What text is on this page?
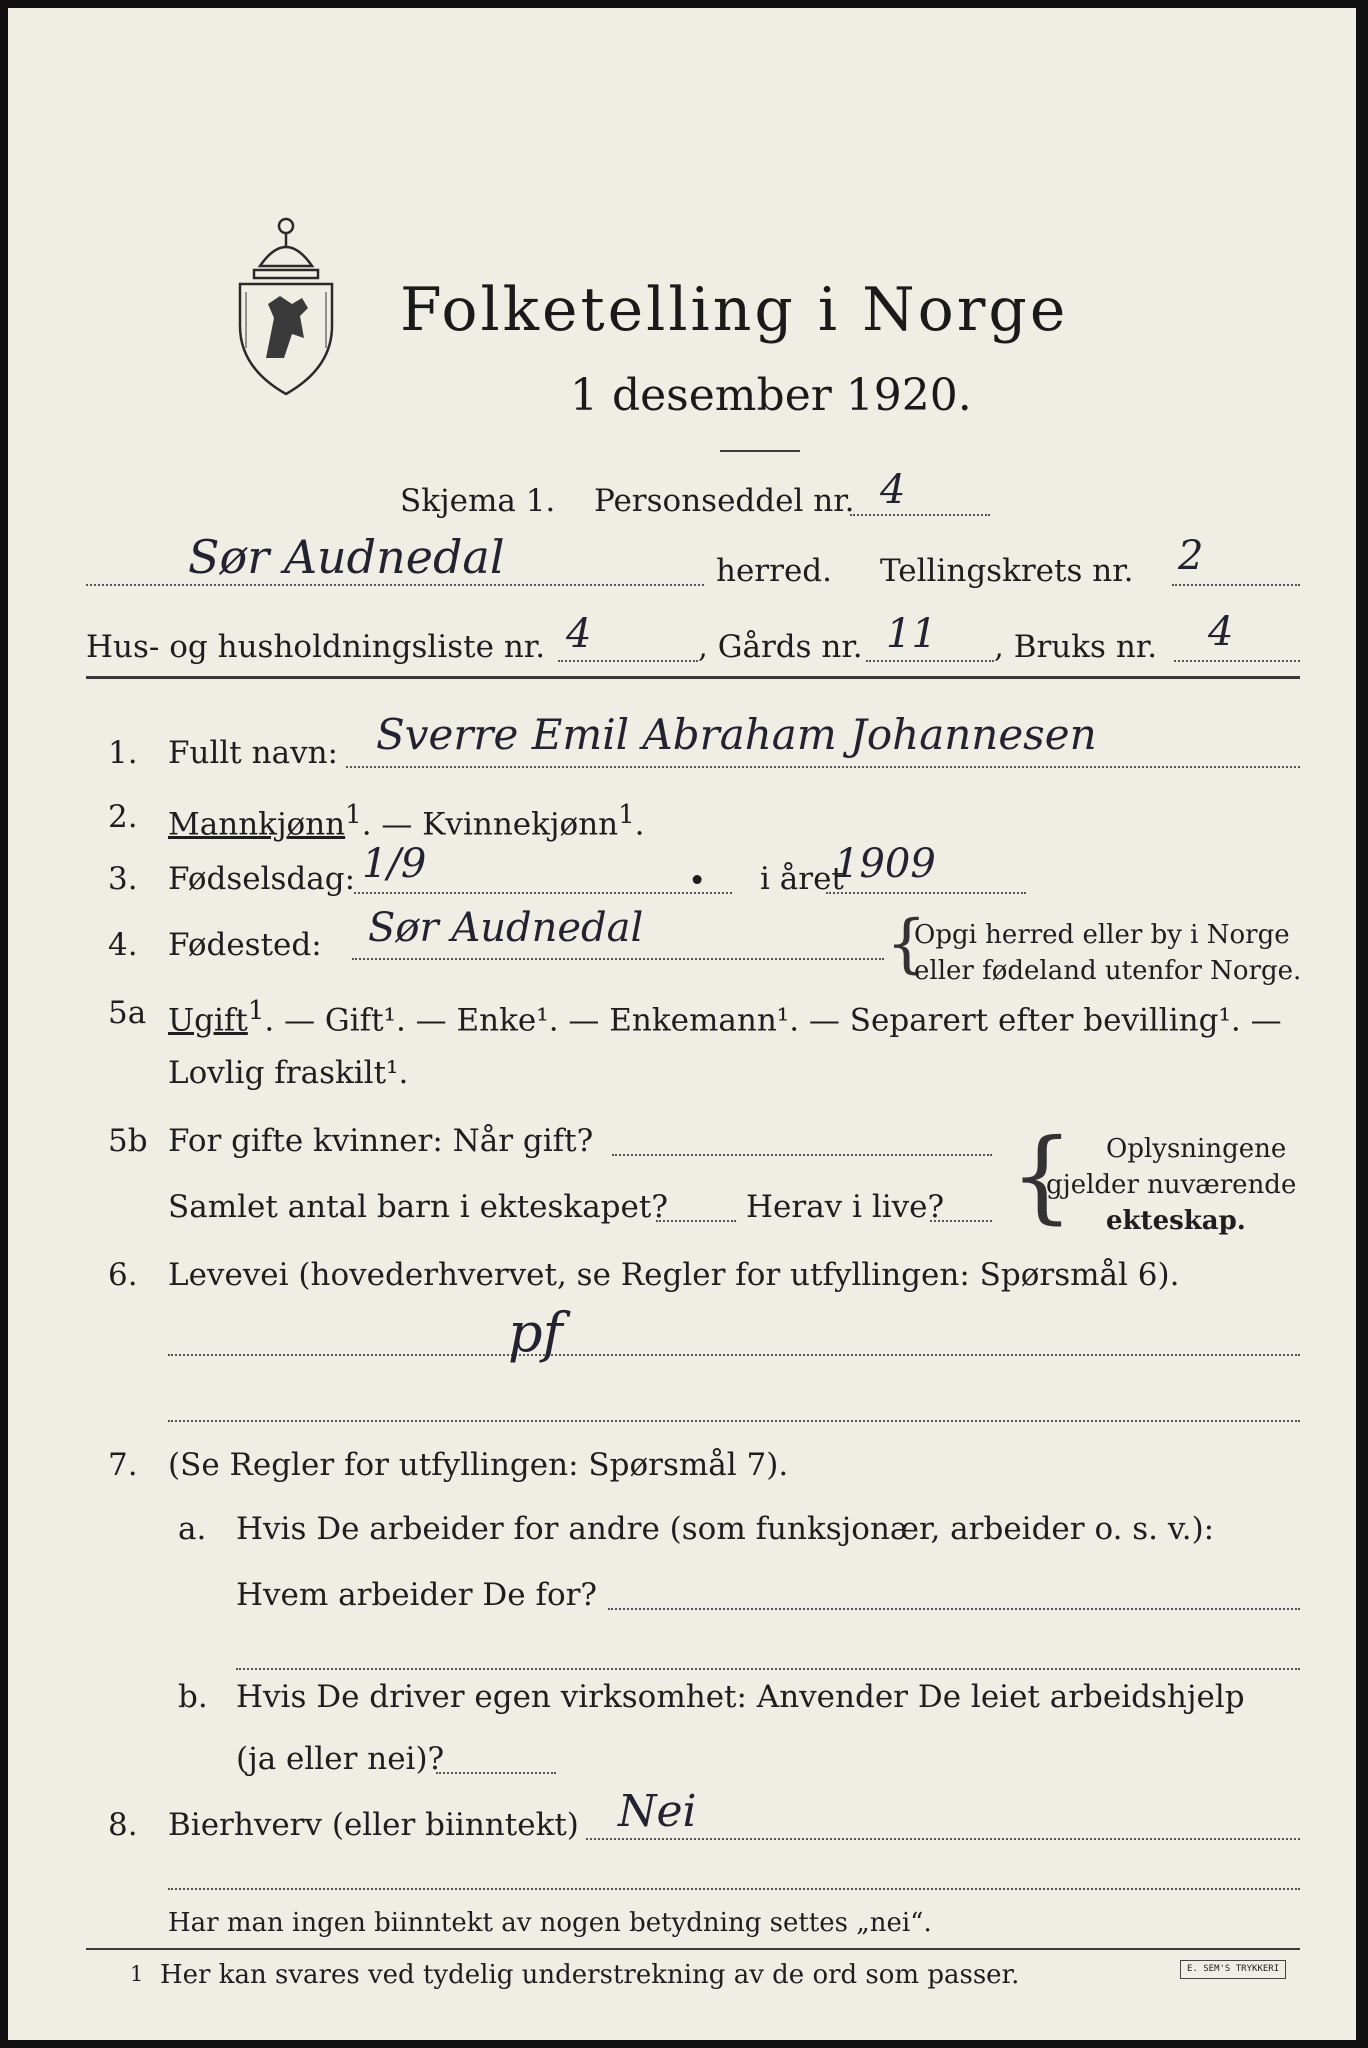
Folketelling i Norge
1 desember 1920.
Skjema 1. Personseddel nr. 4
Sør Audnedal	herred. Tellingskrets nr. 2
Hus- og husholdningsliste nr. 4	, Gårds nr. 11 , Bruks nr. 4
1. Fullt navn: Sverre Emil Abraham Johannesen
2. Mannkjønn$^1$. — Kvinnekjønn$^1$.
3. Fødselsdag: 1/9	• i året
1909
4. Fødested: Sør Audnedal	{
Opgi herred eller by i Norge
eller fødeland utenfor Norge.
5a Ugift$^1$. — Gift¹. — Enke¹. — Enkemann¹. — Separert efter bevilling¹. —
Lovlig fraskilt¹.
5b For gifte kvinner: Når gift?
Samlet antal barn i ekteskapet?	Herav i live? { Oplysningene
gjelder nuværende
ekteskap.
6. Levevei (hovederhvervet, se Regler for utfyllingen: Spørsmål 6).
pf
7. (Se Regler for utfyllingen: Spørsmål 7).
a. Hvis De arbeider for andre (som funksjonær, arbeider o. s. v.):
Hvem arbeider De for?
b. Hvis De driver egen virksomhet: Anvender De leiet arbeidshjelp
(ja eller nei)?
8. Bierhverv (eller biinntekt) Nei
Har man ingen biinntekt av nogen betydning settes „nei“.
1 Her kan svares ved tydelig understrekning av de ord som passer.	E. SEM'S TRYKKERI
